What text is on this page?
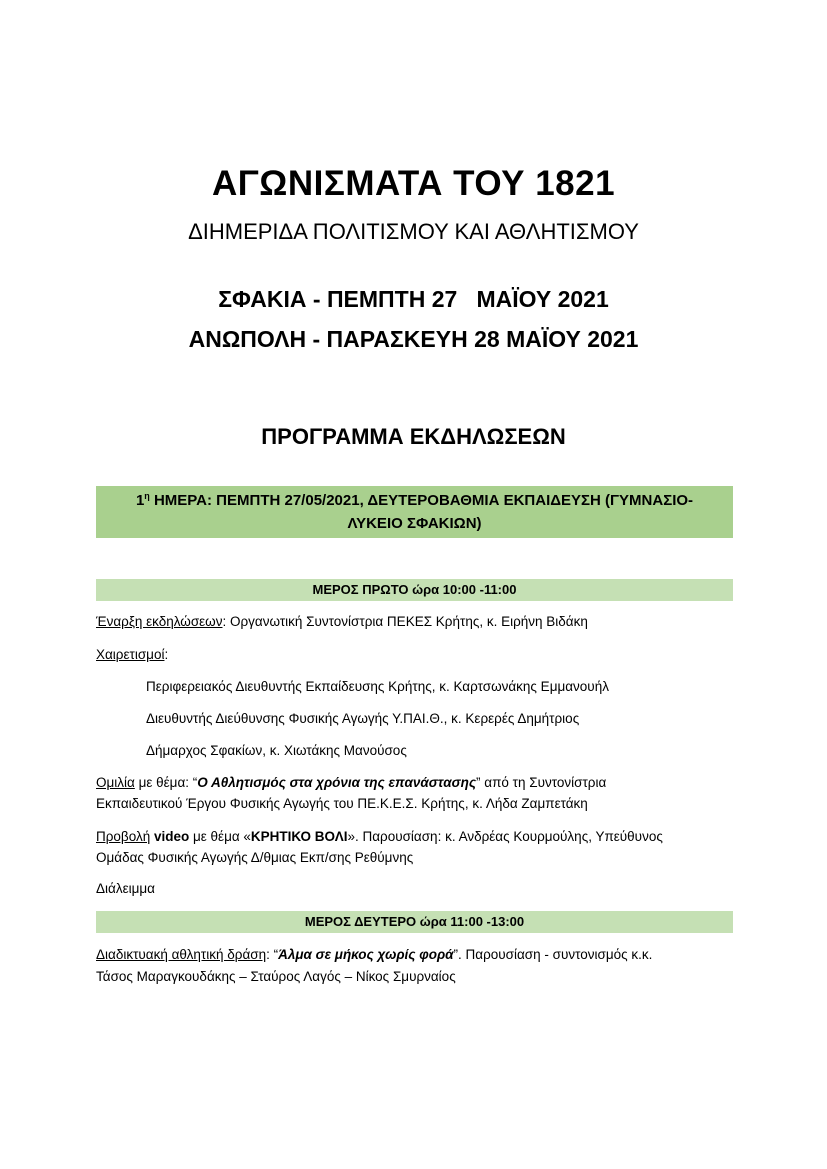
ΑΓΩΝΙΣΜΑΤΑ ΤΟΥ 1821
ΔΙΗΜΕΡΙΔΑ ΠΟΛΙΤΙΣΜΟΥ ΚΑΙ ΑΘΛΗΤΙΣΜΟΥ
ΣΦΑΚΙΑ - ΠΕΜΠΤΗ 27   ΜΑΪΟΥ 2021
ΑΝΩΠΟΛΗ - ΠΑΡΑΣΚΕΥΗ 28 ΜΑΪΟΥ 2021
ΠΡΟΓΡΑΜΜΑ ΕΚΔΗΛΩΣΕΩΝ
$1^\eta$ ΗΜΕΡΑ: ΠΕΜΠΤΗ 27/05/2021, ΔΕΥΤΕΡΟΒΑΘΜΙΑ ΕΚΠΑΙΔΕΥΣΗ (ΓΥΜΝΑΣΙΟ-
ΛΥΚΕΙΟ ΣΦΑΚΙΩΝ)
ΜΕΡΟΣ ΠΡΩΤΟ ώρα 10:00 -11:00
Έναρξη εκδηλώσεων: Οργανωτική Συντονίστρια ΠΕΚΕΣ Κρήτης, κ. Ειρήνη Βιδάκη
Χαιρετισμοί:
Περιφερειακός Διευθυντής Εκπαίδευσης Κρήτης, κ. Καρτσωνάκης Εμμανουήλ
Διευθυντής Διεύθυνσης Φυσικής Αγωγής Υ.ΠΑΙ.Θ., κ. Κερερές Δημήτριος
Δήμαρχος Σφακίων, κ. Χιωτάκης Μανούσος
Ομιλία με θέμα: “Ο Αθλητισμός στα χρόνια της επανάστασης” από τη Συντονίστρια
Εκπαιδευτικού Έργου Φυσικής Αγωγής του ΠΕ.Κ.Ε.Σ. Κρήτης, κ. Λήδα Ζαμπετάκη
Προβολή video με θέμα «ΚΡΗΤΙΚΟ ΒΟΛΙ». Παρουσίαση: κ. Ανδρέας Κουρμούλης, Υπεύθυνος
Ομάδας Φυσικής Αγωγής Δ/θμιας Εκπ/σης Ρεθύμνης
Διάλειμμα
ΜΕΡΟΣ ΔΕΥΤΕΡΟ ώρα 11:00 -13:00
Διαδικτυακή αθλητική δράση: “Άλμα σε μήκος χωρίς φορά”. Παρουσίαση - συντονισμός κ.κ.
Τάσος Μαραγκουδάκης – Σταύρος Λαγός – Νίκος Σμυρναίος
